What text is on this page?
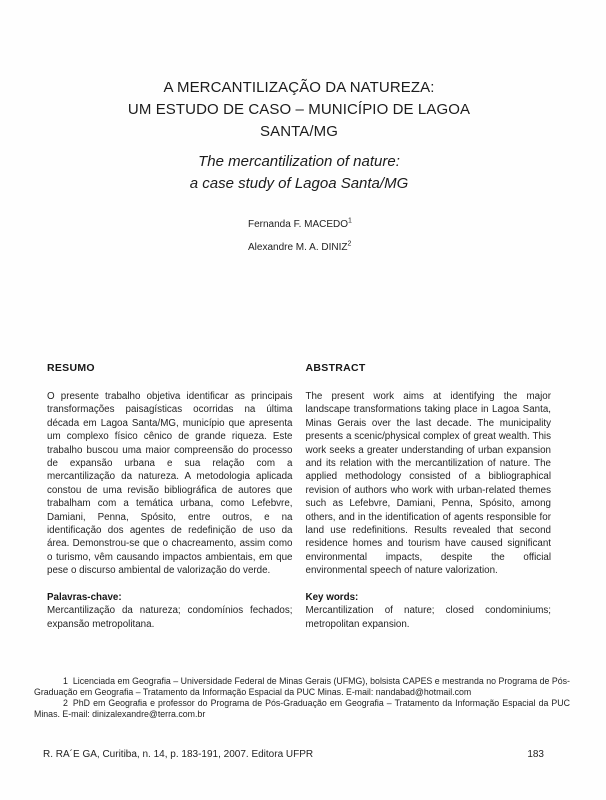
A MERCANTILIZAÇÃO DA NATUREZA:
UM ESTUDO DE CASO – MUNICÍPIO DE LAGOA
SANTA/MG
The mercantilization of nature:
a case study of Lagoa Santa/MG
Fernanda F. MACEDO$^1$
Alexandre M. A. DINIZ$^2$
RESUMO
O presente trabalho objetiva identificar as principais transformações paisagísticas ocorridas na última década em Lagoa Santa/MG, município que apresenta um complexo físico cênico de grande riqueza. Este trabalho buscou uma maior compreensão do processo de expansão urbana e sua relação com a mercantilização da natureza. A metodologia aplicada constou de uma revisão bibliográfica de autores que trabalham com a temática urbana, como Lefebvre, Damiani, Penna, Spósito, entre outros, e na identificação dos agentes de redefinição de uso da área. Demonstrou-se que o chacreamento, assim como o turismo, vêm causando impactos ambientais, em que pese o discurso ambiental de valorização do verde.
Palavras-chave:
Mercantilização da natureza; condomínios fechados; expansão metropolitana.
ABSTRACT
The present work aims at identifying the major landscape transformations taking place in Lagoa Santa, Minas Gerais over the last decade. The municipality presents a scenic/physical complex of great wealth. This work seeks a greater understanding of urban expansion and its relation with the mercantilization of nature. The applied methodology consisted of a bibliographical revision of authors who work with urban-related themes such as Lefebvre, Damiani, Penna, Spósito, among others, and in the identification of agents responsible for land use redefinitions. Results revealed that second residence homes and tourism have caused significant environmental impacts, despite the official environmental speech of nature valorization.
Key words:
Mercantilization of nature; closed condominiums; metropolitan expansion.

1 Licenciada em Geografia – Universidade Federal de Minas Gerais (UFMG), bolsista CAPES e mestranda no Programa de Pós-Graduação em Geografia – Tratamento da Informação Espacial da PUC Minas. E-mail: nandabad@hotmail.com

2 PhD em Geografia e professor do Programa de Pós-Graduação em Geografia – Tratamento da Informação Espacial da PUC Minas. E-mail: dinizalexandre@terra.com.br

R. RA´E GA, Curitiba, n. 14, p. 183-191, 2007. Editora UFPR	183
